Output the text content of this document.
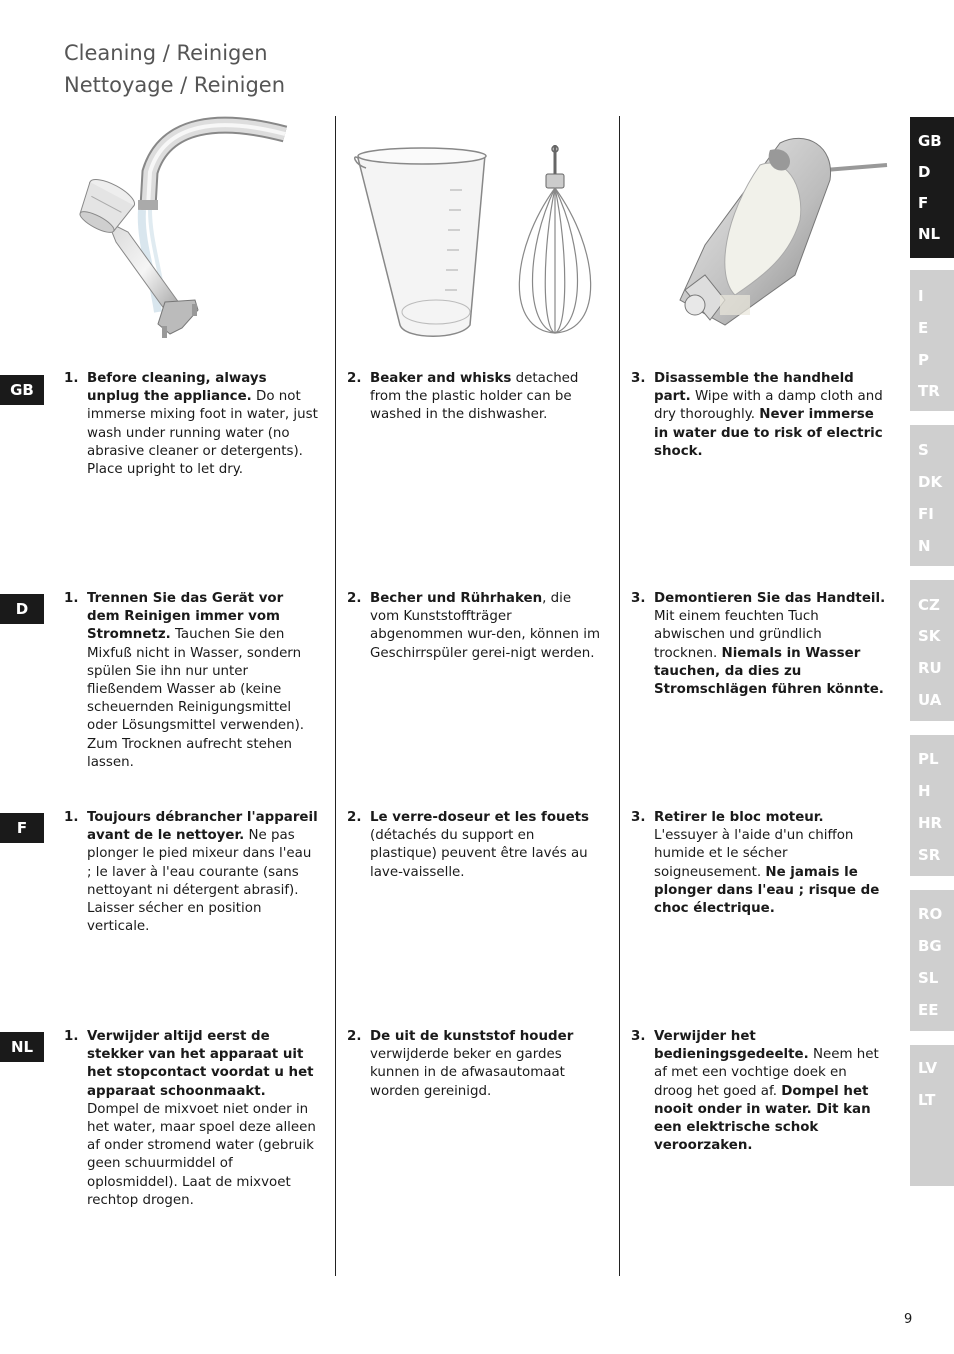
Cleaning / Reinigen
Nettoyage / Reinigen
GB
D
F
NL
I
E
P
TR
S
DK
FI
N
CZ
SK
RU
UA
PL
H
HR
SR
RO
BG
SL
EE
LV
LT
GB
D
F
NL
1. Before cleaning, always unplug the appliance. Do not immerse mixing foot in water, just wash under running water (no abrasive cleaner or detergents). Place upright to let dry.
2. Beaker and whisks detached from the plastic holder can be washed in the dishwasher.
3. Disassemble the handheld part. Wipe with a damp cloth and dry thoroughly. Never immerse in water due to risk of electric shock.
1. Trennen Sie das Gerät vor dem Reinigen immer vom Stromnetz. Tauchen Sie den Mixfuß nicht in Wasser, sondern spülen Sie ihn nur unter fließendem Wasser ab (keine scheuernden Reinigungsmittel oder Lösungsmittel verwenden). Zum Trocknen aufrecht stehen lassen.
2. Becher und Rührhaken, die vom Kunststoffträger abgenommen wur-den, können im Geschirrspüler gerei-nigt werden.
3. Demontieren Sie das Handteil. Mit einem feuchten Tuch abwischen und gründlich trocknen. Niemals in Wasser tauchen, da dies zu Stromschlägen führen könnte.
1. Toujours débrancher l'appareil avant de le nettoyer. Ne pas plonger le pied mixeur dans l'eau ; le laver à l'eau courante (sans nettoyant ni détergent abrasif). Laisser sécher en position verticale.
2. Le verre-doseur et les fouets (détachés du support en plastique) peuvent être lavés au lave-vaisselle.
3. Retirer le bloc moteur. L'essuyer à l'aide d'un chiffon humide et le sécher soigneusement. Ne jamais le plonger dans l'eau ; risque de choc électrique.
1. Verwijder altijd eerst de stekker van het apparaat uit het stopcontact voordat u het apparaat schoonmaakt. Dompel de mixvoet niet onder in het water, maar spoel deze alleen af onder stromend water (gebruik geen schuurmiddel of oplosmiddel). Laat de mixvoet rechtop drogen.
2. De uit de kunststof houder verwijderde beker en gardes kunnen in de afwasautomaat worden gereinigd.
3. Verwijder het bedieningsgedeelte. Neem het af met een vochtige doek en droog het goed af. Dompel het nooit onder in water. Dit kan een elektrische schok veroorzaken.
9
